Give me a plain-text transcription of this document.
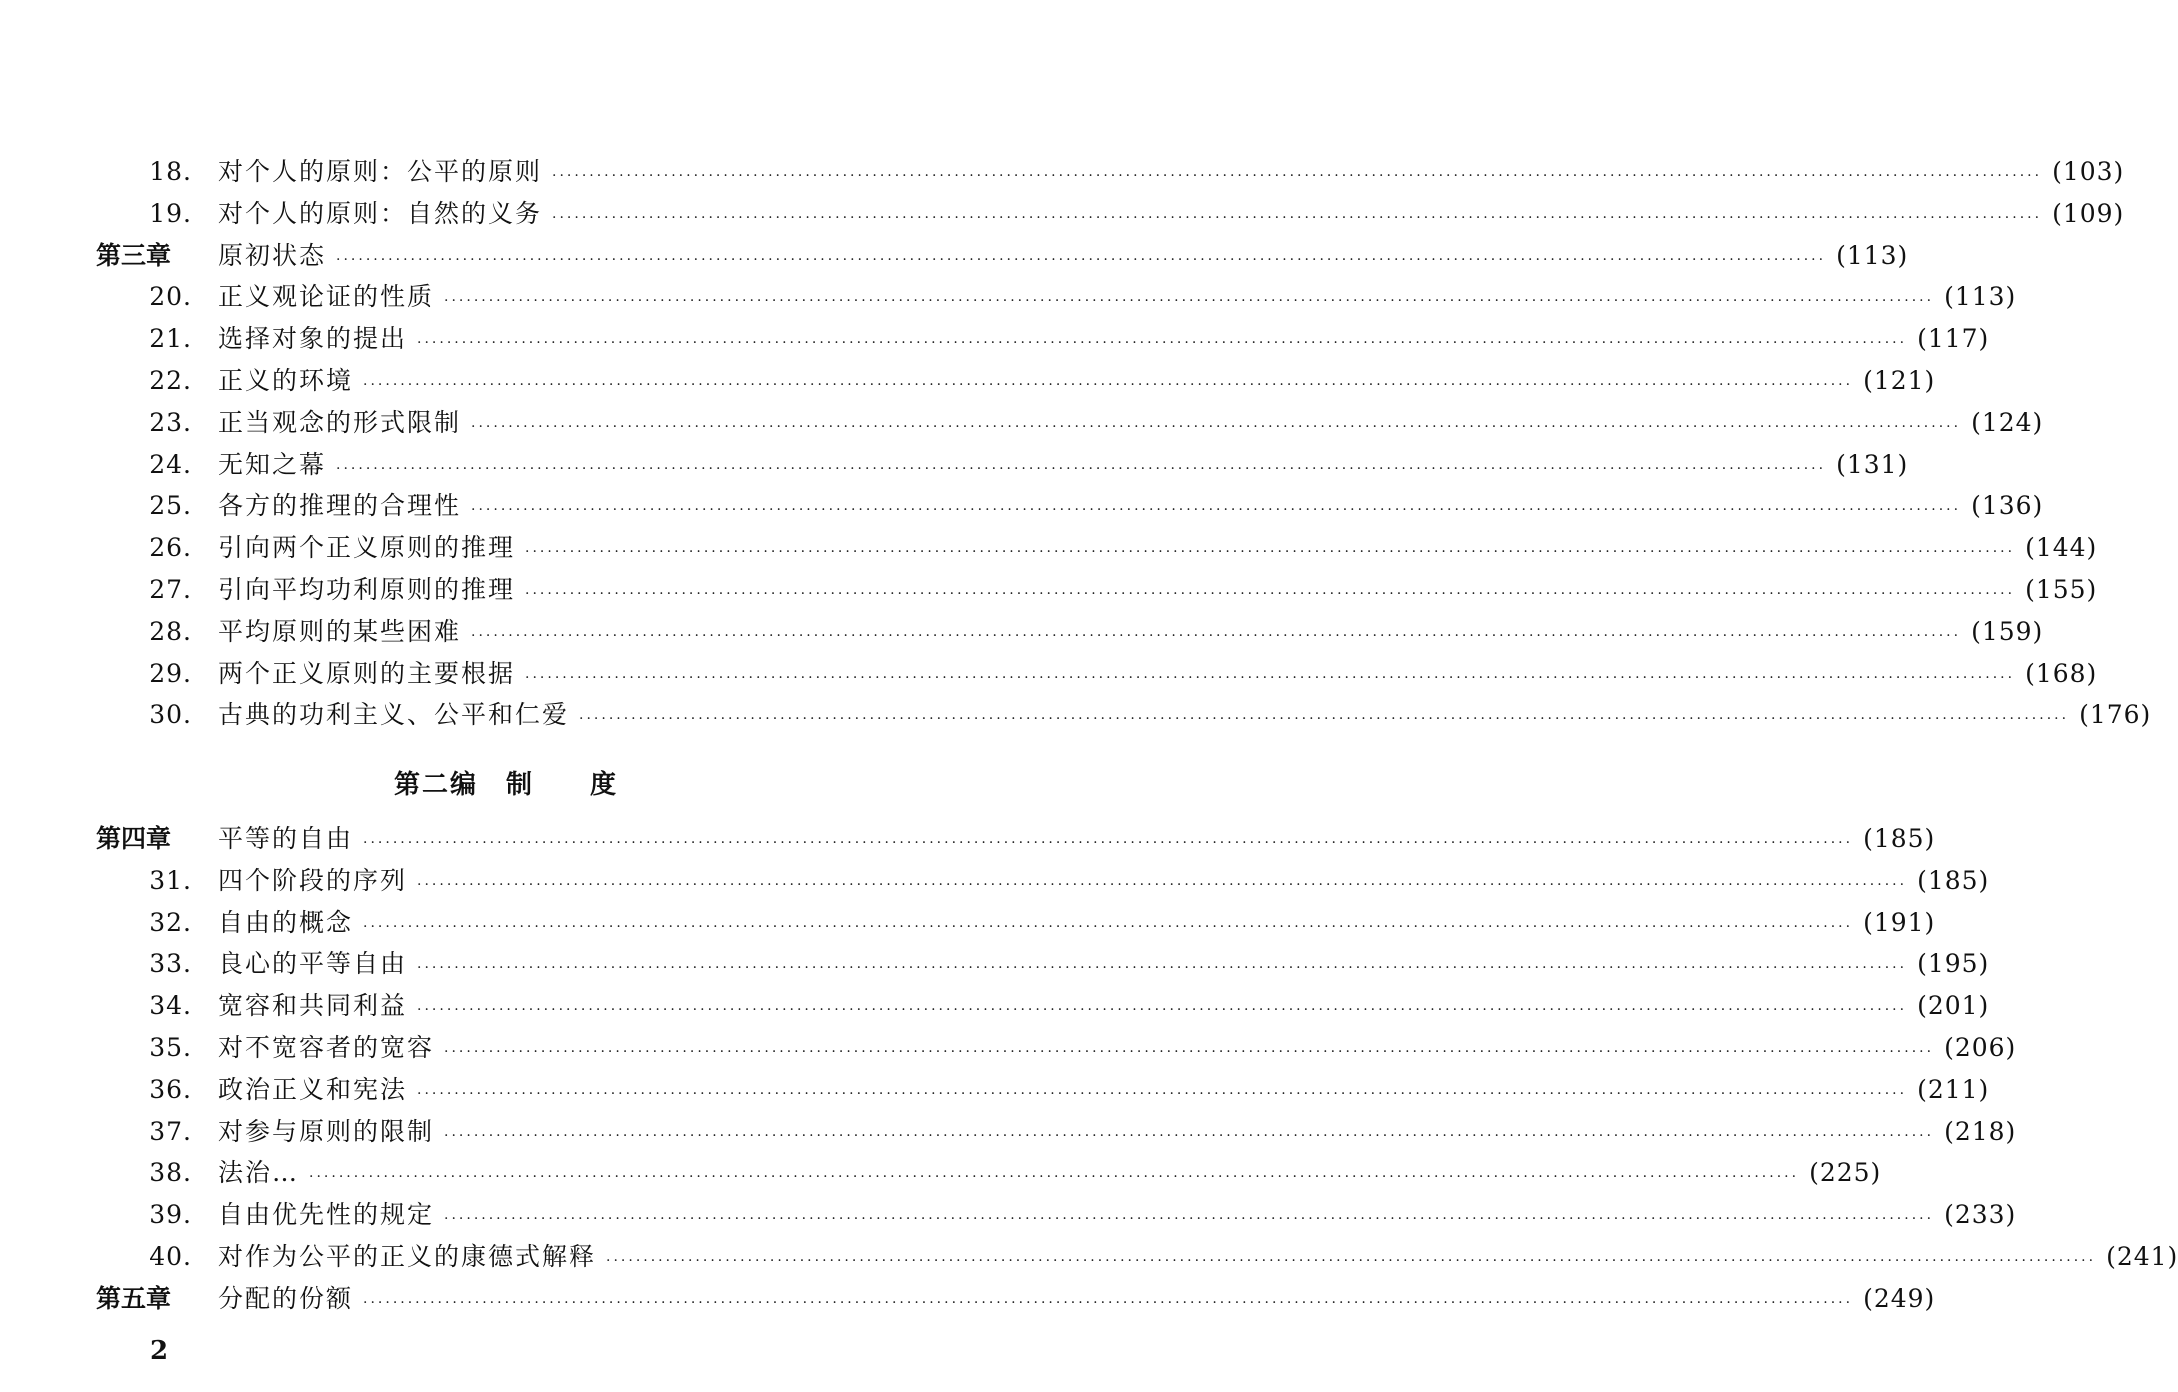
18. 对个人的原则：公平的原则 ········································································································································································································ (103)
19. 对个人的原则：自然的义务 ········································································································································································································ (109)
第三章	原初状态 ········································································································································································································ (113)
20. 正义观论证的性质 ········································································································································································································ (113)
21. 选择对象的提出 ········································································································································································································ (117)
22. 正义的环境 ········································································································································································································ (121)
23. 正当观念的形式限制 ········································································································································································································ (124)
24. 无知之幕 ········································································································································································································ (131)
25. 各方的推理的合理性 ········································································································································································································ (136)
26. 引向两个正义原则的推理 ········································································································································································································ (144)
27. 引向平均功利原则的推理 ········································································································································································································ (155)
28. 平均原则的某些困难 ········································································································································································································ (159)
29. 两个正义原则的主要根据 ········································································································································································································ (168)
30. 古典的功利主义、公平和仁爱 ········································································································································································································ (176)
第二编 制 度
第四章	平等的自由 ········································································································································································································ (185)
31. 四个阶段的序列 ········································································································································································································ (185)
32. 自由的概念 ········································································································································································································ (191)
33. 良心的平等自由 ········································································································································································································ (195)
34. 宽容和共同利益 ········································································································································································································ (201)
35. 对不宽容者的宽容 ········································································································································································································ (206)
36. 政治正义和宪法 ········································································································································································································ (211)
37. 对参与原则的限制 ········································································································································································································ (218)
38. 法治… ········································································································································································································ (225)
39. 自由优先性的规定 ········································································································································································································ (233)
40. 对作为公平的正义的康德式解释 ········································································································································································································ (241)
第五章	分配的份额 ········································································································································································································ (249)
2
